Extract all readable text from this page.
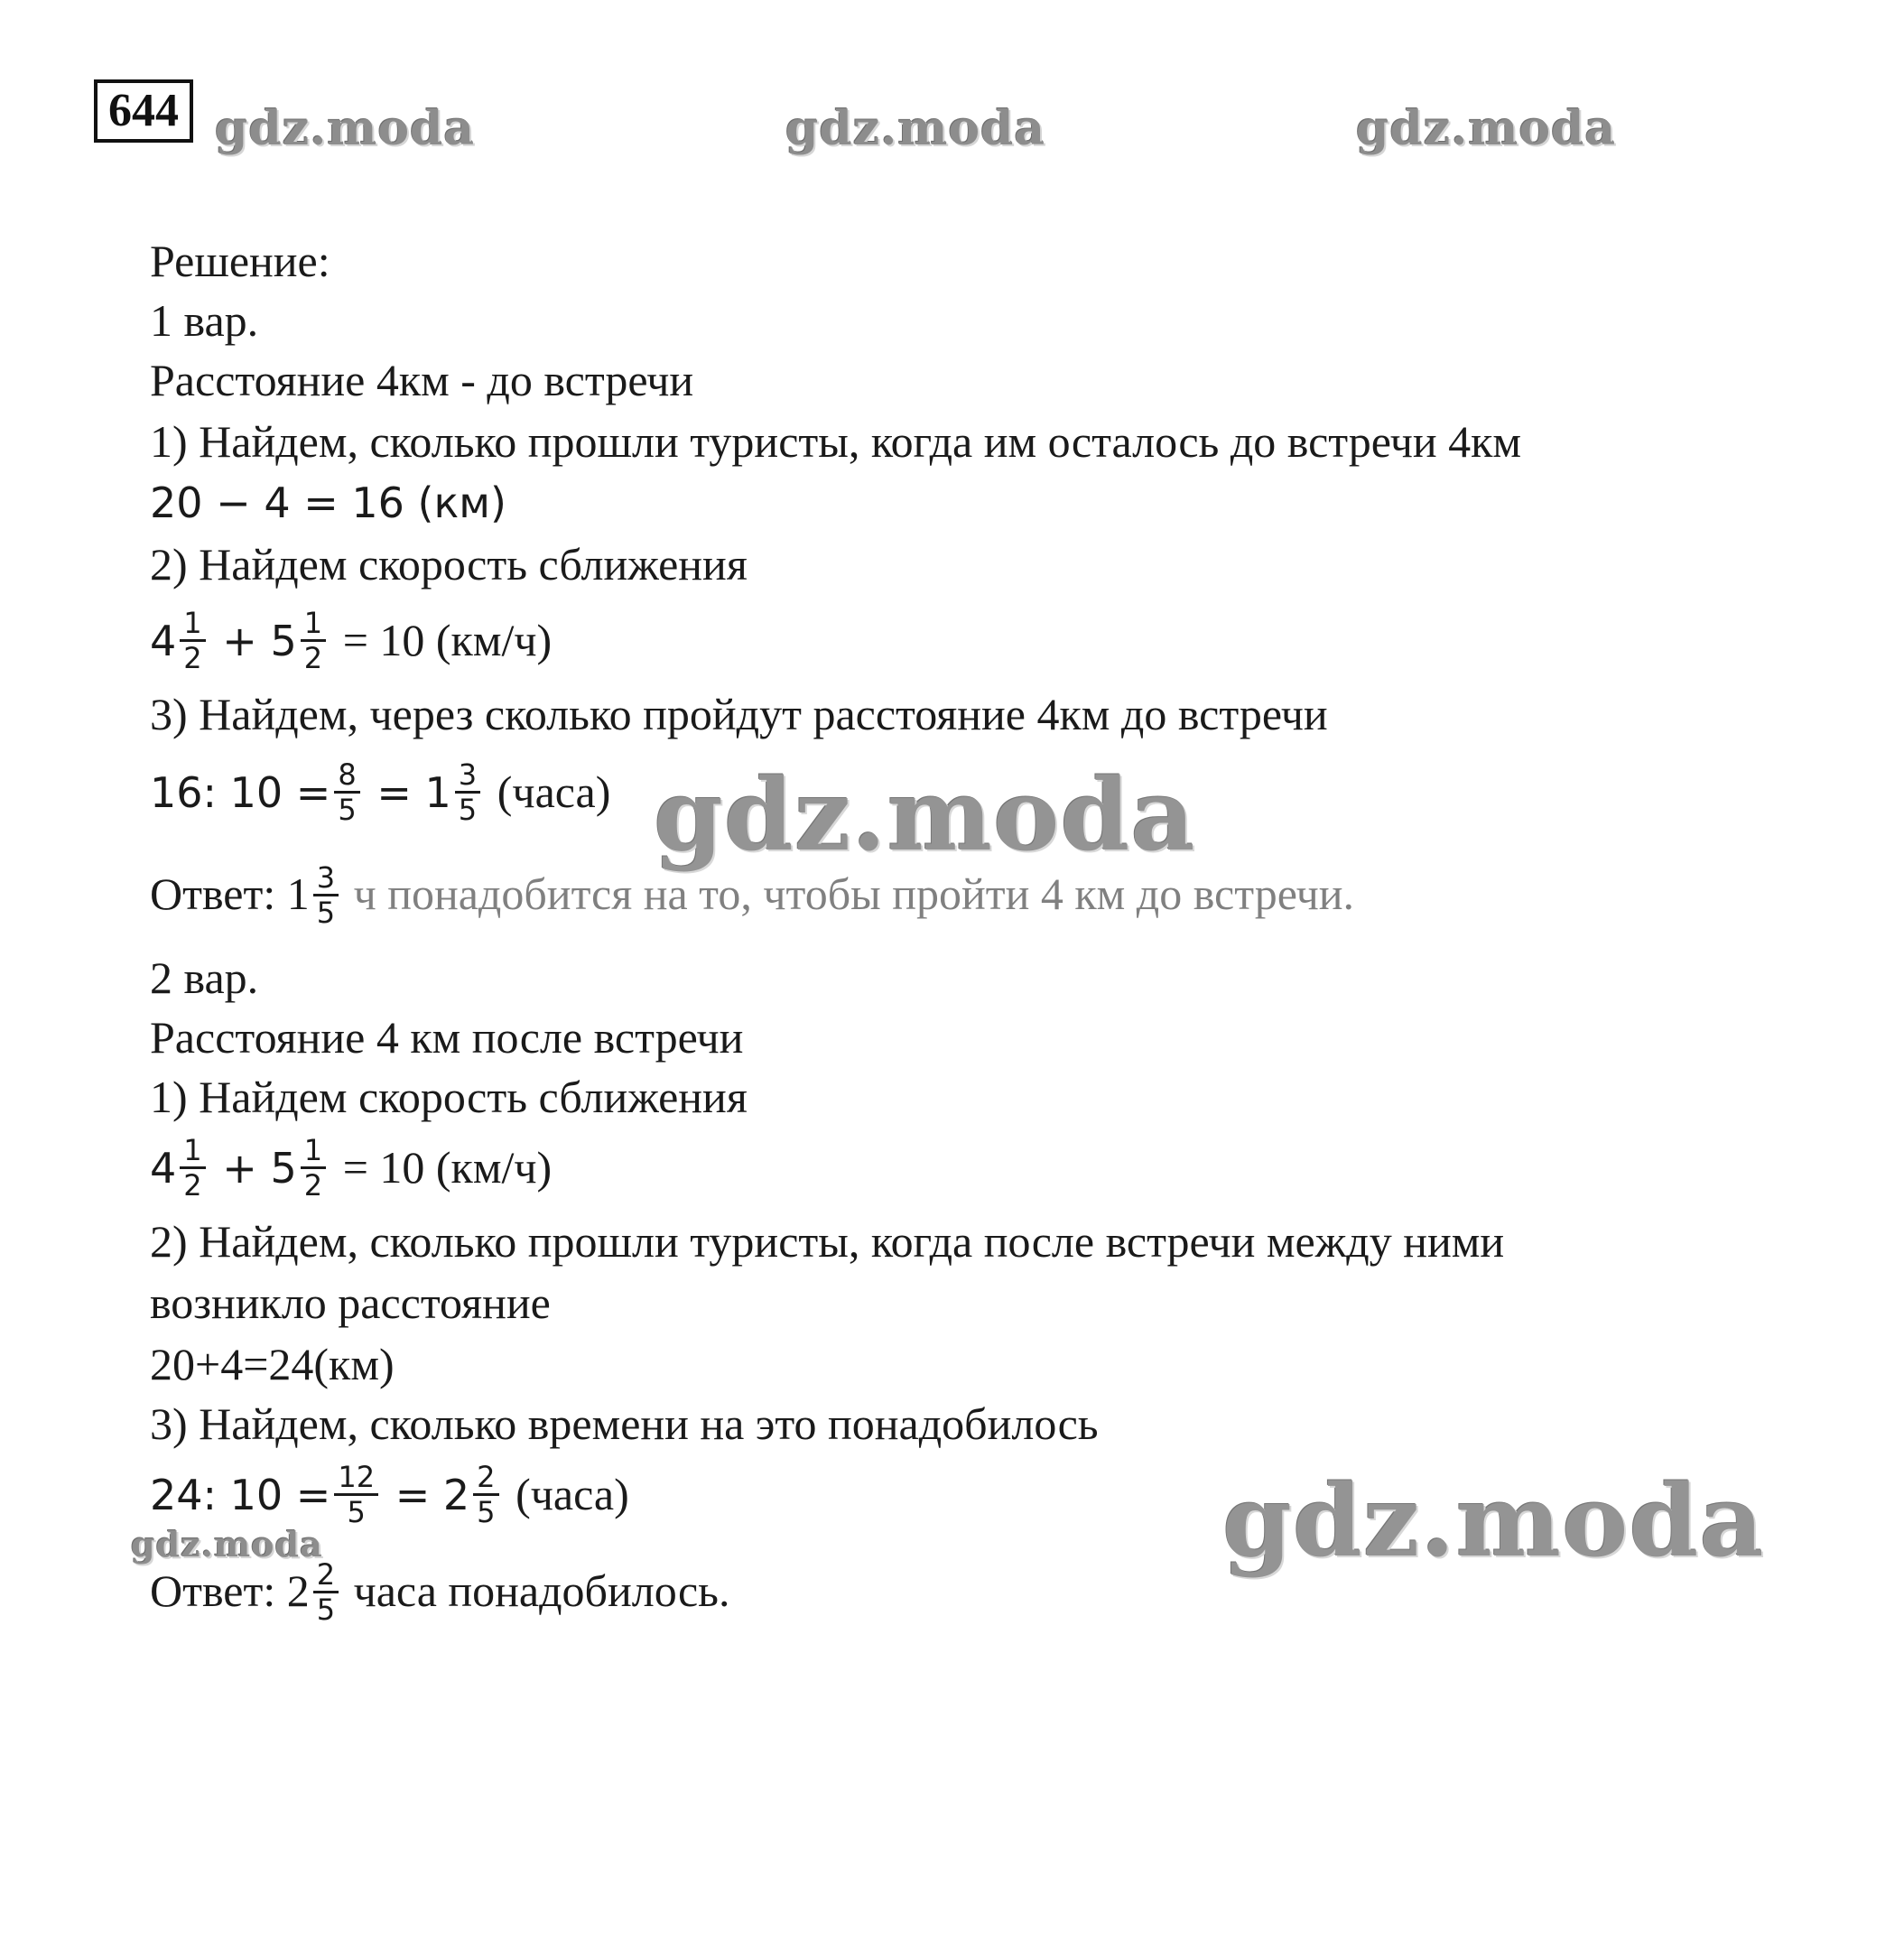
644 gdz.moda	gdz.moda	gdz.moda
gdz.moda
gdz.moda
gdz.moda

Решение:

1 вар.

Расстояние 4км - до встречи

1) Найдем, сколько прошли туристы, когда им осталось до встречи 4км

20 − 4 = 16 (км)

2) Найдем скорость сближения

$4 \frac{1}{2} + 5 \frac{1}{2} = 10$ (км/ч)

3) Найдем, через сколько пройдут расстояние 4км до встречи

16: $10 = \frac{8}{5} = 1 \frac{3}{5}$ (часа)

Ответ: $1 \frac{3}{5}$ ч понадобится на то, чтобы пройти 4 км до встречи.

2 вар.

Расстояние 4 км после встречи

1) Найдем скорость сближения

$4 \frac{1}{2} + 5 \frac{1}{2} = 10$ (км/ч)

2) Найдем, сколько прошли туристы, когда после встречи между ними

возникло расстояние

20+4=24(км)

3) Найдем, сколько времени на это понадобилось

24: $10 = \frac{12}{5} = 2 \frac{2}{5}$ (часа)

Ответ: $2 \frac{2}{5}$ часа понадобилось.
